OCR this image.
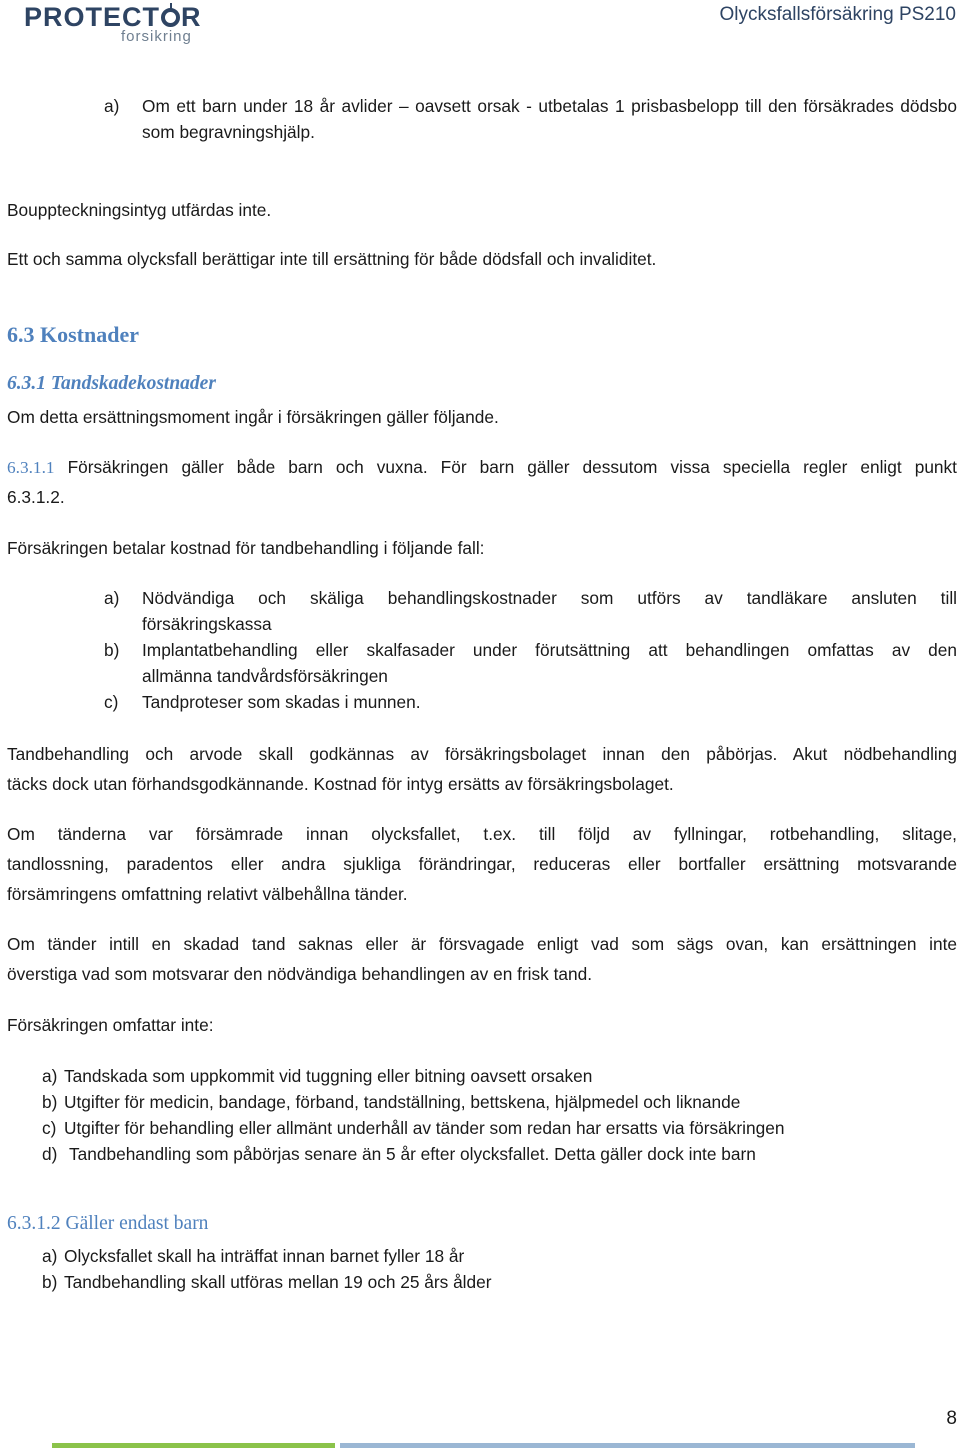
PROTECT R
forsikring
Olycksfallsförsäkring PS210
a)	Om ett barn under 18 år avlider – oavsett orsak - utbetalas 1 prisbasbelopp till den försäkrades dödsbo som begravningshjälp.
Bouppteckningsintyg utfärdas inte.
Ett och samma olycksfall berättigar inte till ersättning för både dödsfall och invaliditet.
6.3 Kostnader
6.3.1 Tandskadekostnader
Om detta ersättningsmoment ingår i försäkringen gäller följande.
6.3.1.1 Försäkringen gäller både barn och vuxna. För barn gäller dessutom vissa speciella regler enligt punkt
6.3.1.2.
Försäkringen betalar kostnad för tandbehandling i följande fall:
a)	Nödvändiga och skäliga behandlingskostnader som utförs av tandläkare ansluten till
försäkringskassa
b)	Implantatbehandling eller skalfasader under förutsättning att behandlingen omfattas av den
allmänna tandvårdsförsäkringen
c)	Tandproteser som skadas i munnen.
Tandbehandling och arvode skall godkännas av försäkringsbolaget innan den påbörjas. Akut nödbehandling
täcks dock utan förhandsgodkännande. Kostnad för intyg ersätts av försäkringsbolaget.
Om tänderna var försämrade innan olycksfallet, t.ex. till följd av fyllningar, rotbehandling, slitage,
tandlossning, paradentos eller andra sjukliga förändringar, reduceras eller bortfaller ersättning motsvarande
försämringens omfattning relativt välbehållna tänder.
Om tänder intill en skadad tand saknas eller är försvagade enligt vad som sägs ovan, kan ersättningen inte
överstiga vad som motsvarar den nödvändiga behandlingen av en frisk tand.
Försäkringen omfattar inte:
a) Tandskada som uppkommit vid tuggning eller bitning oavsett orsaken
b) Utgifter för medicin, bandage, förband, tandställning, bettskena, hjälpmedel och liknande
c) Utgifter för behandling eller allmänt underhåll av tänder som redan har ersatts via försäkringen
d) Tandbehandling som påbörjas senare än 5 år efter olycksfallet. Detta gäller dock inte barn
6.3.1.2 Gäller endast barn
a) Olycksfallet skall ha inträffat innan barnet fyller 18 år
b) Tandbehandling skall utföras mellan 19 och 25 års ålder
8
